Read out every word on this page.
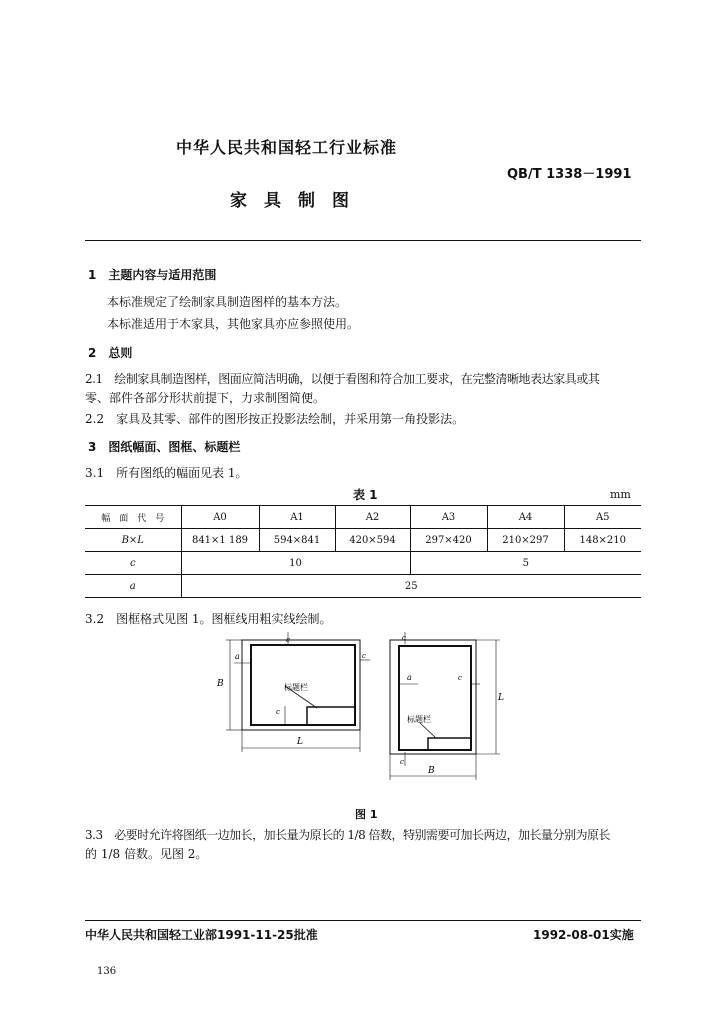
中华人民共和国轻工行业标准
QB/T 1338－1991
家　具　制　图
1　主题内容与适用范围
本标准规定了绘制家具制造图样的基本方法。
本标准适用于木家具，其他家具亦应参照使用。
2　总则
2.1　绘制家具制造图样，图面应简洁明确，以便于看图和符合加工要求，在完整清晰地表达家具或其
零、部件各部分形状前提下，力求制图简便。
2.2　家具及其零、部件的图形按正投影法绘制，并采用第一角投影法。
3　图纸幅面、图框、标题栏
3.1　所有图纸的幅面见表 1。
表 1	mm
幅　面　代　号	A0	A1	A2	A3	A4	A5
B×L	841×1 189	594×841	420×594	297×420	210×297	148×210
c	10			5		
a	25					
3.2　图框格式见图 1。图框线用粗实线绘制。
标题栏
a
c
c
c
B
L
标题栏
a
c
c
c
L
B
图 1
3.3　必要时允许将图纸一边加长，加长量为原长的 1/8 倍数，特别需要可加长两边，加长量分别为原长
的 1/8 倍数。见图 2。
中华人民共和国轻工业部1991-11-25批准	1992-08-01实施
136
